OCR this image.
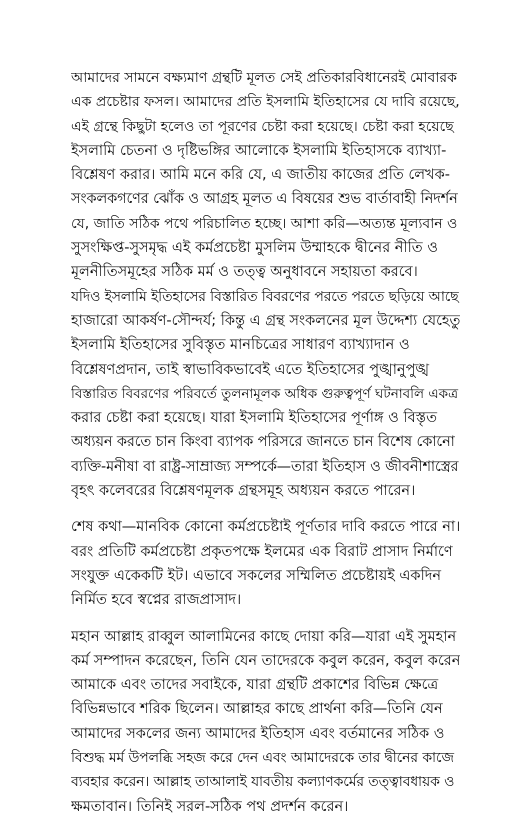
আমাদের সামনে বক্ষ্যমাণ গ্রন্থটি মূলত সেই প্রতিকারবিধানেরই মোবারক
এক প্রচেষ্টার ফসল। আমাদের প্রতি ইসলামি ইতিহাসের যে দাবি রয়েছে,
এই গ্রন্থে কিছুটা হলেও তা পূরণের চেষ্টা করা হয়েছে। চেষ্টা করা হয়েছে
ইসলামি চেতনা ও দৃষ্টিভঙ্গির আলোকে ইসলামি ইতিহাসকে ব্যাখ্যা-
বিশ্লেষণ করার। আমি মনে করি যে, এ জাতীয় কাজের প্রতি লেখক-
সংকলকগণের ঝোঁক ও আগ্রহ মূলত এ বিষয়ের শুভ বার্তাবাহী নিদর্শন
যে, জাতি সঠিক পথে পরিচালিত হচ্ছে। আশা করি—অত্যন্ত মূল্যবান ও
সুসংক্ষিপ্ত-সুসমৃদ্ধ এই কর্মপ্রচেষ্টা মুসলিম উম্মাহকে দ্বীনের নীতি ও
মূলনীতিসমূহের সঠিক মর্ম ও তত্ত্ব অনুধাবনে সহায়তা করবে।
যদিও ইসলামি ইতিহাসের বিস্তারিত বিবরণের পরতে পরতে ছড়িয়ে আছে
হাজারো আকর্ষণ-সৌন্দর্য; কিন্তু এ গ্রন্থ সংকলনের মূল উদ্দেশ্য যেহেতু
ইসলামি ইতিহাসের সুবিস্তৃত মানচিত্রের সাধারণ ব্যাখ্যাদান ও
বিশ্লেষণপ্রদান, তাই স্বাভাবিকভাবেই এতে ইতিহাসের পুঙ্খানুপুঙ্খ
বিস্তারিত বিবরণের পরিবর্তে তুলনামূলক অধিক গুরুত্বপূর্ণ ঘটনাবলি একত্র
করার চেষ্টা করা হয়েছে। যারা ইসলামি ইতিহাসের পূর্ণাঙ্গ ও বিস্তৃত
অধ্যয়ন করতে চান কিংবা ব্যাপক পরিসরে জানতে চান বিশেষ কোনো
ব্যক্তি-মনীষা বা রাষ্ট্র-সাম্রাজ্য সম্পর্কে—তারা ইতিহাস ও জীবনীশাস্ত্রের
বৃহৎ কলেবরের বিশ্লেষণমূলক গ্রন্থসমূহ অধ্যয়ন করতে পারেন।
শেষ কথা—মানবিক কোনো কর্মপ্রচেষ্টাই পূর্ণতার দাবি করতে পারে না।
বরং প্রতিটি কর্মপ্রচেষ্টা প্রকৃতপক্ষে ইলমের এক বিরাট প্রাসাদ নির্মাণে
সংযুক্ত একেকটি ইট। এভাবে সকলের সম্মিলিত প্রচেষ্টায়ই একদিন
নির্মিত হবে স্বপ্নের রাজপ্রাসাদ।
মহান আল্লাহ রাব্বুল আলামিনের কাছে দোয়া করি—যারা এই সুমহান
কর্ম সম্পাদন করেছেন, তিনি যেন তাদেরকে কবুল করেন, কবুল করেন
আমাকে এবং তাদের সবাইকে, যারা গ্রন্থটি প্রকাশের বিভিন্ন ক্ষেত্রে
বিভিন্নভাবে শরিক ছিলেন। আল্লাহর কাছে প্রার্থনা করি—তিনি যেন
আমাদের সকলের জন্য আমাদের ইতিহাস এবং বর্তমানের সঠিক ও
বিশুদ্ধ মর্ম উপলব্ধি সহজ করে দেন এবং আমাদেরকে তার দ্বীনের কাজে
ব্যবহার করেন। আল্লাহ তাআলাই যাবতীয় কল্যাণকর্মের তত্ত্বাবধায়ক ও
ক্ষমতাবান। তিনিই সরল-সঠিক পথ প্রদর্শন করেন।
